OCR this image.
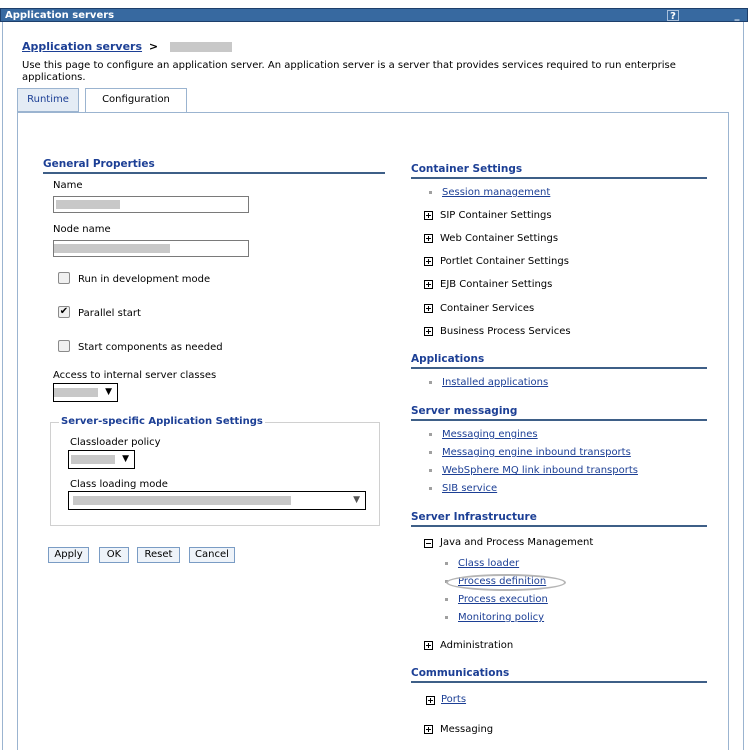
Application servers	?	_
Application servers >
Use this page to configure an application server. An application server is a server that provides services required to run enterprise applications.
Runtime	Configuration
General Properties
Name
Node name
Run in development mode
✔ Parallel start
Start components as needed
Access to internal server classes
▼
Server-specific Application Settings
Classloader policy
▼
Class loading mode
▼
Apply	OK	Reset	Cancel
Container Settings
Session management
SIP Container Settings
Web Container Settings
Portlet Container Settings
EJB Container Settings
Container Services
Business Process Services
Applications
Installed applications
Server messaging
Messaging engines
Messaging engine inbound transports
WebSphere MQ link inbound transports
SIB service
Server Infrastructure
Java and Process Management
Class loader
Process definition
Process execution
Monitoring policy
Administration
Communications
Ports
Messaging
